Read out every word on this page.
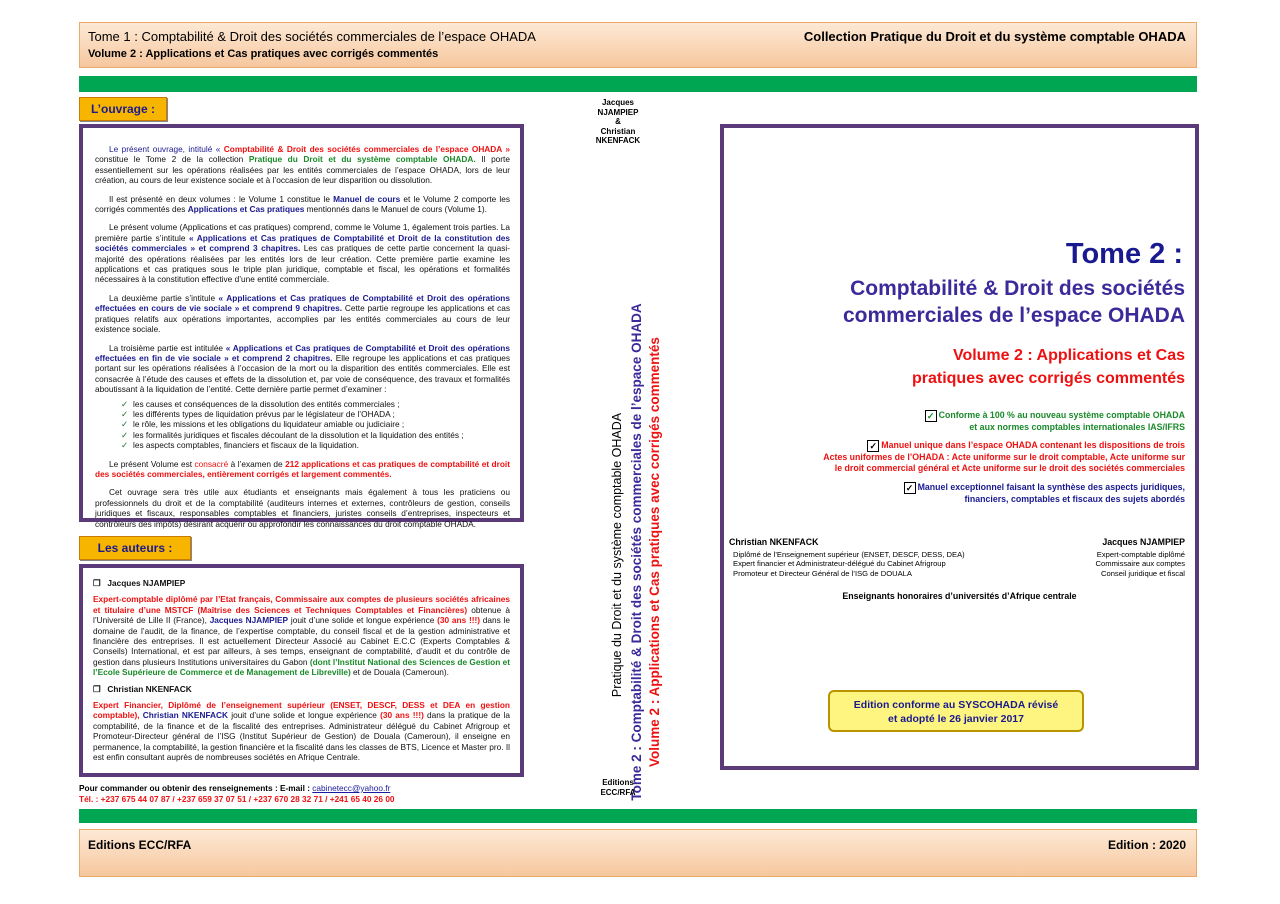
Tome 1 : Comptabilité & Droit des sociétés commerciales de l’espace OHADA
Volume 2 : Applications et Cas pratiques avec corrigés commentés
Collection Pratique du Droit et du système comptable OHADA
L’ouvrage :

Le présent ouvrage, intitulé « Comptabilité & Droit des sociétés commerciales de l’espace OHADA » constitue le Tome 2 de la collection Pratique du Droit et du système comptable OHADA. Il porte essentiellement sur les opérations réalisées par les entités commerciales de l’espace OHADA, lors de leur création, au cours de leur existence sociale et à l’occasion de leur disparition ou dissolution.

Il est présenté en deux volumes : le Volume 1 constitue le Manuel de cours et le Volume 2 comporte les corrigés commentés des Applications et Cas pratiques mentionnés dans le Manuel de cours (Volume 1).

Le présent volume (Applications et cas pratiques) comprend, comme le Volume 1, également trois parties. La première partie s’intitule « Applications et Cas pratiques de Comptabilité et Droit de la constitution des sociétés commerciales » et comprend 3 chapitres. Les cas pratiques de cette partie concernent la quasi-majorité des opérations réalisées par les entités lors de leur création. Cette première partie examine les applications et cas pratiques sous le triple plan juridique, comptable et fiscal, les opérations et formalités nécessaires à la constitution effective d’une entité commerciale.

La deuxième partie s’intitule « Applications et Cas pratiques de Comptabilité et Droit des opérations effectuées en cours de vie sociale » et comprend 9 chapitres. Cette partie regroupe les applications et cas pratiques relatifs aux opérations importantes, accomplies par les entités commerciales au cours de leur existence sociale.

La troisième partie est intitulée « Applications et Cas pratiques de Comptabilité et Droit des opérations effectuées en fin de vie sociale » et comprend 2 chapitres. Elle regroupe les applications et cas pratiques portant sur les opérations réalisées à l’occasion de la mort ou la disparition des entités commerciales. Elle est consacrée à l’étude des causes et effets de la dissolution et, par voie de conséquence, des travaux et formalités aboutissant à la liquidation de l’entité. Cette dernière partie permet d’examiner :

✓ les causes et conséquences de la dissolution des entités commerciales ;
✓ les différents types de liquidation prévus par le législateur de l’OHADA ;
✓ le rôle, les missions et les obligations du liquidateur amiable ou judiciaire ;
✓ les formalités juridiques et fiscales découlant de la dissolution et la liquidation des entités ;
✓ les aspects comptables, financiers et fiscaux de la liquidation.

Le présent Volume est consacré à l’examen de 212 applications et cas pratiques de comptabilité et droit des sociétés commerciales, entièrement corrigés et largement commentés.

Cet ouvrage sera très utile aux étudiants et enseignants mais également à tous les praticiens ou professionnels du droit et de la comptabilité (auditeurs internes et externes, contrôleurs de gestion, conseils juridiques et fiscaux, responsables comptables et financiers, juristes conseils d’entreprises, inspecteurs et contrôleurs des impôts) désirant acquérir ou approfondir les connaissances du droit comptable OHADA.

Les auteurs :
❐   Jacques NJAMPIEP

Expert-comptable diplômé par l’Etat français, Commissaire aux comptes de plusieurs sociétés africaines et titulaire d’une MSTCF (Maîtrise des Sciences et Techniques Comptables et Financières) obtenue à l’Université de Lille II (France), Jacques NJAMPIEP jouit d’une solide et longue expérience (30 ans !!!) dans le domaine de l’audit, de la finance, de l’expertise comptable, du conseil fiscal et de la gestion administrative et financière des entreprises. Il est actuellement Directeur Associé au Cabinet E.C.C (Experts Comptables & Conseils) International, et est par ailleurs, à ses temps, enseignant de comptabilité, d’audit et du contrôle de gestion dans plusieurs Institutions universitaires du Gabon (dont l’Institut National des Sciences de Gestion et l’Ecole Supérieure de Commerce et de Management de Libreville) et de Douala (Cameroun).

❐   Christian NKENFACK

Expert Financier, Diplômé de l’enseignement supérieur (ENSET, DESCF, DESS et DEA en gestion comptable), Christian NKENFACK jouit d’une solide et longue expérience (30 ans !!!) dans la pratique de la comptabilité, de la finance et de la fiscalité des entreprises. Administrateur délégué du Cabinet Afrigroup et Promoteur-Directeur général de l’ISG (Institut Supérieur de Gestion) de Douala (Cameroun), il enseigne en permanence, la comptabilité, la gestion financière et la fiscalité dans les classes de BTS, Licence et Master pro. Il est enfin consultant auprès de nombreuses sociétés en Afrique Centrale.

Pour commander ou obtenir des renseignements : E-mail : cabinetecc@yahoo.fr
Tél. : +237 675 44 07 87 / +237 659 37 07 51 / +237 670 28 32 71 / +241 65 40 26 00
Jacques
NJAMPIEP
&
Christian
NKENFACK
Pratique du Droit et du système comptable OHADA Tome 2 : Comptabilité & Droit des sociétés commerciales de l’espace OHADA Volume 2 : Applications et Cas pratiques avec corrigés commentés
Editions
ECC/RFA
Tome 2 :
Comptabilité & Droit des sociétés
commerciales de l’espace OHADA
Volume 2 : Applications et Cas
pratiques avec corrigés commentés
✓ Conforme à 100 % au nouveau système comptable OHADA
et aux normes comptables internationales IAS/IFRS
✓ Manuel unique dans l’espace OHADA contenant les dispositions de trois
Actes uniformes de l’OHADA : Acte uniforme sur le droit comptable, Acte uniforme sur
le droit commercial général et Acte uniforme sur le droit des sociétés commerciales
✓ Manuel exceptionnel faisant la synthèse des aspects juridiques,
financiers, comptables et fiscaux des sujets abordés
Christian NKENFACK
Diplômé de l’Enseignement supérieur (ENSET, DESCF, DESS, DEA)
Expert financier et Administrateur-délégué du Cabinet Afrigroup
Promoteur et Directeur Général de l’ISG de DOUALA
Jacques NJAMPIEP
Expert-comptable diplômé
Commissaire aux comptes
Conseil juridique et fiscal
Enseignants honoraires d’universités d’Afrique centrale
Edition conforme au SYSCOHADA révisé
et adopté le 26 janvier 2017
Editions ECC/RFA	Edition : 2020
